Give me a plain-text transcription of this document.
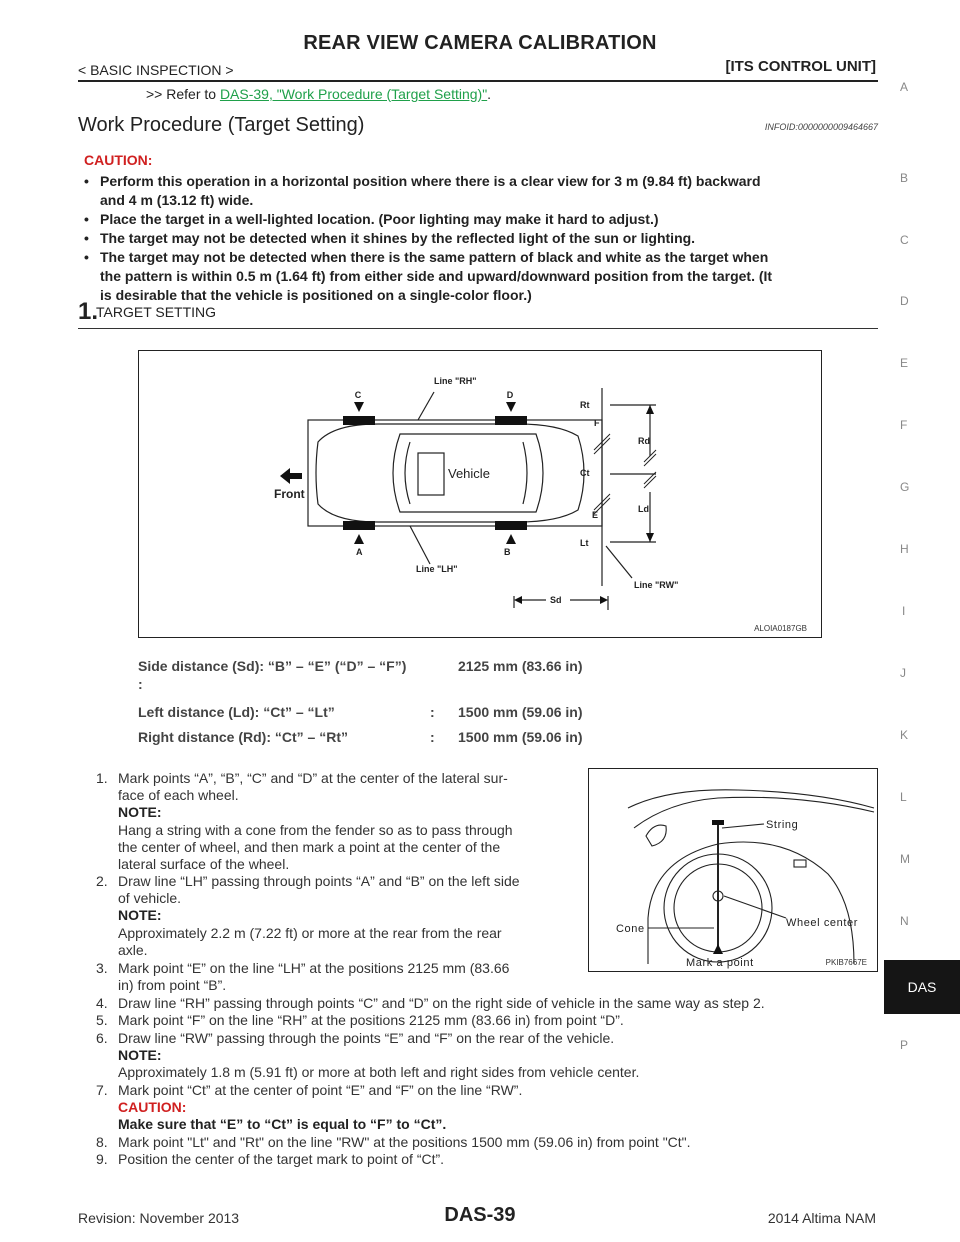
REAR VIEW CAMERA CALIBRATION
< BASIC INSPECTION >	[ITS CONTROL UNIT]
>> Refer to DAS-39, "Work Procedure (Target Setting)".
Work Procedure (Target Setting)	INFOID:0000000009464667
CAUTION:
• Perform this operation in a horizontal position where there is a clear view for 3 m (9.84 ft) backward
and 4 m (13.12 ft) wide.
• Place the target in a well-lighted location. (Poor lighting may make it hard to adjust.)
• The target may not be detected when it shines by the reflected light of the sun or lighting.
• The target may not be detected when there is the same pattern of black and white as the target when
the pattern is within 0.5 m (1.64 ft) from either side and upward/downward position from the target. (It
is desirable that the vehicle is positioned on a single-color floor.)
1.
TARGET SETTING
Line "RH"
C	D
A	B
Line "LH"
F
E
Rt
Ct
Lt
Rd
Ld
Sd
Line "RW"
Vehicle
Front
ALOIA0187GB
Side distance (Sd): “B” – “E” (“D” – “F”)
:
2125 mm (83.66 in)
Left distance (Ld): “Ct” – “Lt”	: 1500 mm (59.06 in)
Right distance (Rd): “Ct” – “Rt”	: 1500 mm (59.06 in)
1. Mark points “A”, “B”, “C” and “D” at the center of the lateral sur-
face of each wheel.
NOTE:
Hang a string with a cone from the fender so as to pass through
the center of wheel, and then mark a point at the center of the
lateral surface of the wheel.
2. Draw line “LH” passing through points “A” and “B” on the left side
of vehicle.
NOTE:
Approximately 2.2 m (7.22 ft) or more at the rear from the rear
axle.
3. Mark point “E” on the line “LH” at the positions 2125 mm (83.66
in) from point “B”.
4. Draw line “RH” passing through points “C” and “D” on the right side of vehicle in the same way as step 2.
5. Mark point “F” on the line “RH” at the positions 2125 mm (83.66 in) from point “D”.
6. Draw line “RW” passing through the points “E” and “F” on the rear of the vehicle.
NOTE:
Approximately 1.8 m (5.91 ft) or more at both left and right sides from vehicle center.
7. Mark point “Ct” at the center of point “E” and “F” on the line “RW”.
CAUTION:
Make sure that “E” to “Ct” is equal to “F” to “Ct”.
8. Mark point "Lt" and "Rt" on the line "RW" at the positions 1500 mm (59.06 in) from point "Ct".
9. Position the center of the target mark to point of “Ct”.
String
Wheel center
Cone
Mark a point	PKIB7667E
A
B
C
D
E
F
G
H
I
J
K
L
M
N
P
DAS
Revision: November 2013	DAS-39	2014 Altima NAM
